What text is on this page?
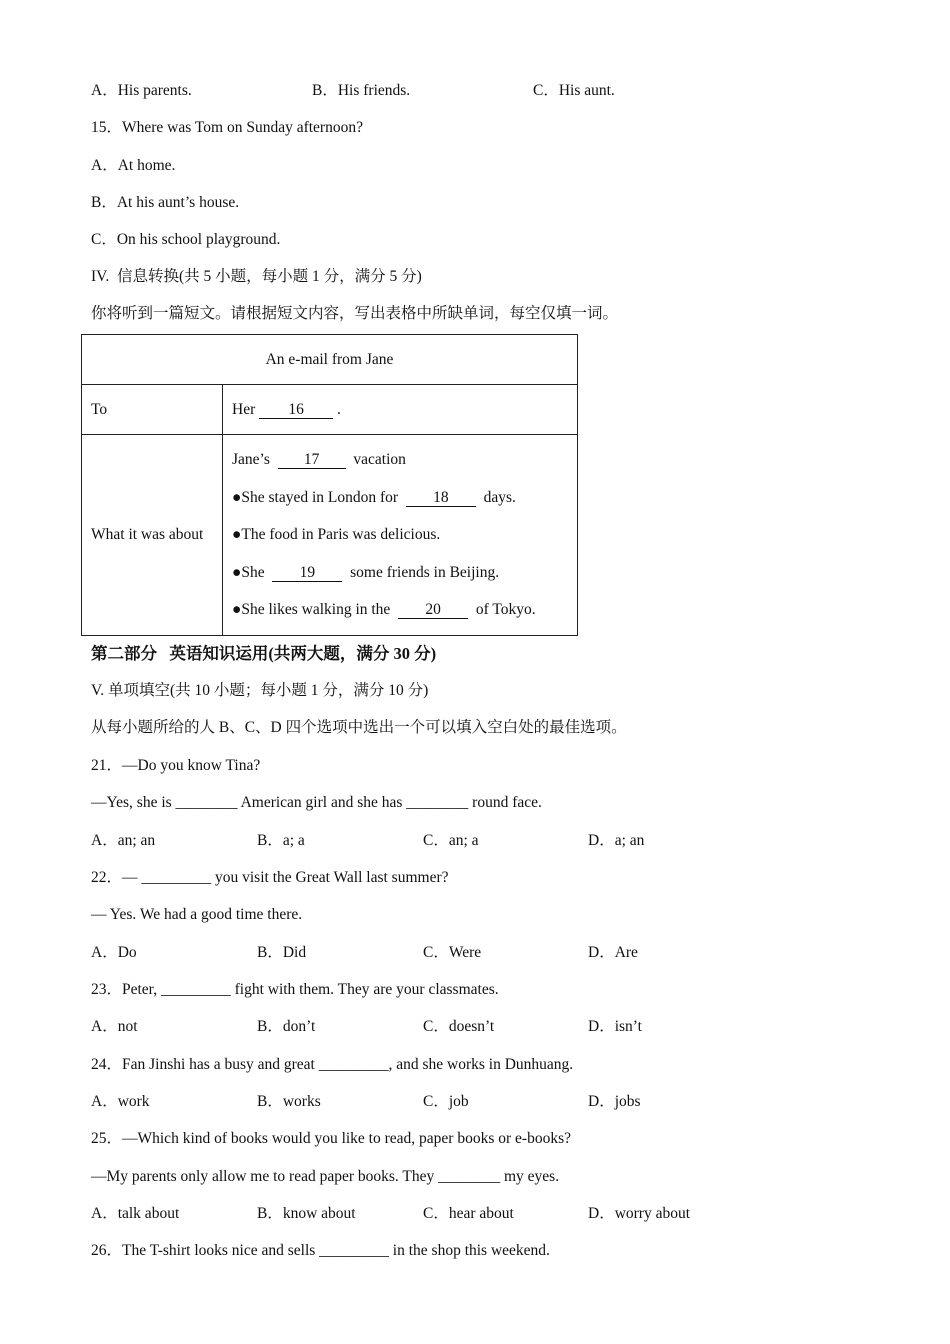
A．His parents.	B．His friends.	C．His aunt.
15．Where was Tom on Sunday afternoon?
A．At home.
B．At his aunt’s house.
C．On his school playground.
IV.  信息转换(共 5 小题，每小题 1 分，满分 5 分)
你将听到一篇短文。请根据短文内容，写出表格中所缺单词，每空仅填一词。
An e-mail from Jane	
To	Her 16 .
What it was about	Jane’s  17  vacation
●She stayed in London for  18  days.
●The food in Paris was delicious.
●She  19  some friends in Beijing.
●She likes walking in the  20  of Tokyo.
第二部分   英语知识运用(共两大题，满分 30 分)
V. 单项填空(共 10 小题；每小题 1 分，满分 10 分)
从每小题所给的人 B、C、D 四个选项中选出一个可以填入空白处的最佳选项。
21．—Do you know Tina?
—Yes, she is ________ American girl and she has ________ round face.
A．an; an	B．a; a	C．an; a	D．a; an
22．— _________ you visit the Great Wall last summer?
— Yes. We had a good time there.
A．Do	B．Did	C．Were	D．Are
23．Peter, _________ fight with them. They are your classmates.
A．not	B．don’t	C．doesn’t	D．isn’t
24．Fan Jinshi has a busy and great _________, and she works in Dunhuang.
A．work	B．works	C．job	D．jobs
25．—Which kind of books would you like to read, paper books or e-books?
—My parents only allow me to read paper books. They ________ my eyes.
A．talk about	B．know about	C．hear about	D．worry about
26．The T-shirt looks nice and sells _________ in the shop this weekend.
